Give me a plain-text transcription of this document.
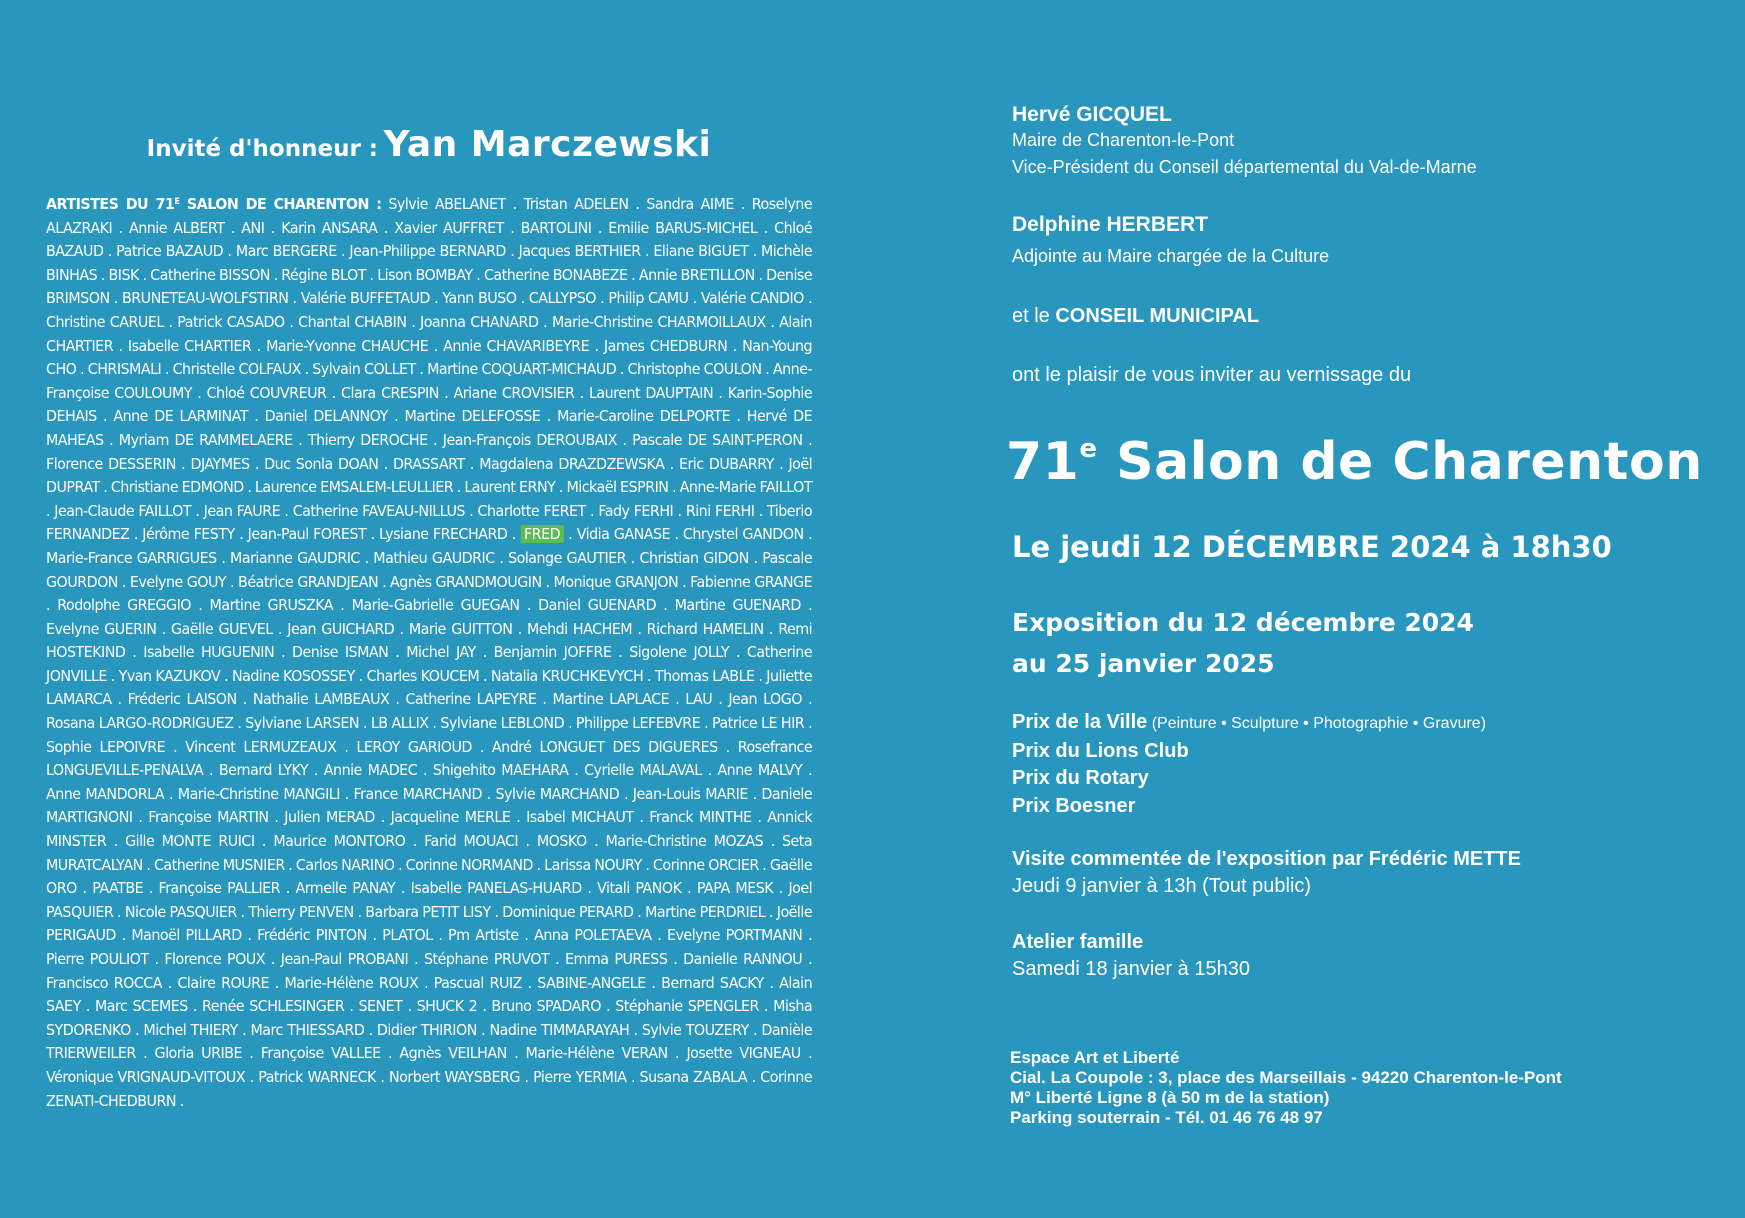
Invité d'honneur : Yan Marczewski
ARTISTES DU $71^E$ SALON DE CHARENTON : Sylvie ABELANET . Tristan ADELEN . Sandra AIME . Roselyne ALAZRAKI . Annie ALBERT . ANI . Karin ANSARA . Xavier AUFFRET . BARTOLINI . Emilie BARUS-MICHEL . Chloé BAZAUD . Patrice BAZAUD . Marc BERGERE . Jean-Philippe BERNARD . Jacques BERTHIER . Eliane BIGUET . Michèle BINHAS . BISK . Catherine BISSON . Régine BLOT . Lison BOMBAY . Catherine BONABEZE . Annie BRETILLON . Denise BRIMSON . BRUNETEAU-WOLFSTIRN . Valérie BUFFETAUD . Yann BUSO . CALLYPSO . Philip CAMU . Valérie CANDIO . Christine CARUEL . Patrick CASADO . Chantal CHABIN . Joanna CHANARD . Marie-Christine CHARMOILLAUX . Alain CHARTIER . Isabelle CHARTIER . Marie-Yvonne CHAUCHE . Annie CHAVARIBEYRE . James CHEDBURN . Nan-Young CHO . CHRISMALI . Christelle COLFAUX . Sylvain COLLET . Martine COQUART-MICHAUD . Christophe COULON . Anne-Françoise COULOUMY . Chloé COUVREUR . Clara CRESPIN . Ariane CROVISIER . Laurent DAUPTAIN . Karin-Sophie DEHAIS . Anne DE LARMINAT . Daniel DELANNOY . Martine DELEFOSSE . Marie-Caroline DELPORTE . Hervé DE MAHEAS . Myriam DE RAMMELAERE . Thierry DEROCHE . Jean-François DEROUBAIX . Pascale DE SAINT-PERON . Florence DESSERIN . DJAYMES . Duc Sonla DOAN . DRASSART . Magdalena DRAZDZEWSKA . Eric DUBARRY . Joël DUPRAT . Christiane EDMOND . Laurence EMSALEM-LEULLIER . Laurent ERNY . Mickaël ESPRIN . Anne-Marie FAILLOT . Jean-Claude FAILLOT . Jean FAURE . Catherine FAVEAU-NILLUS . Charlotte FERET . Fady FERHI . Rini FERHI . Tiberio FERNANDEZ . Jérôme FESTY . Jean-Paul FOREST . Lysiane FRECHARD . FRED . Vidia GANASE . Chrystel GANDON . Marie-France GARRIGUES . Marianne GAUDRIC . Mathieu GAUDRIC . Solange GAUTIER . Christian GIDON . Pascale GOURDON . Evelyne GOUY . Béatrice GRANDJEAN . Agnès GRANDMOUGIN . Monique GRANJON . Fabienne GRANGE . Rodolphe GREGGIO . Martine GRUSZKA . Marie-Gabrielle GUEGAN . Daniel GUENARD . Martine GUENARD . Evelyne GUERIN . Gaëlle GUEVEL . Jean GUICHARD . Marie GUITTON . Mehdi HACHEM . Richard HAMELIN . Remi HOSTEKIND . Isabelle HUGUENIN . Denise ISMAN . Michel JAY . Benjamin JOFFRE . Sigolene JOLLY . Catherine JONVILLE . Yvan KAZUKOV . Nadine KOSOSSEY . Charles KOUCEM . Natalia KRUCHKEVYCH . Thomas LABLE . Juliette LAMARCA . Fréderic LAISON . Nathalie LAMBEAUX . Catherine LAPEYRE . Martine LAPLACE . LAU . Jean LOGO . Rosana LARGO-RODRIGUEZ . Sylviane LARSEN . LB ALLIX . Sylviane LEBLOND . Philippe LEFEBVRE . Patrice LE HIR . Sophie LEPOIVRE . Vincent LERMUZEAUX . LEROY GARIOUD . André LONGUET DES DIGUERES . Rosefrance LONGUEVILLE-PENALVA . Bernard LYKY . Annie MADEC . Shigehito MAEHARA . Cyrielle MALAVAL . Anne MALVY . Anne MANDORLA . Marie-Christine MANGILI . France MARCHAND . Sylvie MARCHAND . Jean-Louis MARIE . Daniele MARTIGNONI . Françoise MARTIN . Julien MERAD . Jacqueline MERLE . Isabel MICHAUT . Franck MINTHE . Annick MINSTER . Gille MONTE RUICI . Maurice MONTORO . Farid MOUACI . MOSKO . Marie-Christine MOZAS . Seta MURATCALYAN . Catherine MUSNIER . Carlos NARINO . Corinne NORMAND . Larissa NOURY . Corinne ORCIER . Gaëlle ORO . PAATBE . Françoise PALLIER . Armelle PANAY . Isabelle PANELAS-HUARD . Vitali PANOK . PAPA MESK . Joel PASQUIER . Nicole PASQUIER . Thierry PENVEN . Barbara PETIT LISY . Dominique PERARD . Martine PERDRIEL . Joëlle PERIGAUD . Manoël PILLARD . Frédéric PINTON . PLATOL . Pm Artiste . Anna POLETAEVA . Evelyne PORTMANN . Pierre POULIOT . Florence POUX . Jean-Paul PROBANI . Stéphane PRUVOT . Emma PURESS . Danielle RANNOU . Francisco ROCCA . Claire ROURE . Marie-Hélène ROUX . Pascual RUIZ . SABINE-ANGELE . Bernard SACKY . Alain SAEY . Marc SCEMES . Renée SCHLESINGER . SENET . SHUCK 2 . Bruno SPADARO . Stéphanie SPENGLER . Misha SYDORENKO . Michel THIERY . Marc THIESSARD . Didier THIRION . Nadine TIMMARAYAH . Sylvie TOUZERY . Danièle TRIERWEILER . Gloria URIBE . Françoise VALLEE . Agnès VEILHAN . Marie-Hélène VERAN . Josette VIGNEAU . Véronique VRIGNAUD-VITOUX . Patrick WARNECK . Norbert WAYSBERG . Pierre YERMIA . Susana ZABALA . Corinne ZENATI-CHEDBURN .
Hervé GICQUEL
Maire de Charenton-le-Pont
Vice-Président du Conseil départemental du Val-de-Marne
Delphine HERBERT
Adjointe au Maire chargée de la Culture
et le CONSEIL MUNICIPAL
ont le plaisir de vous inviter au vernissage du
71e Salon de Charenton
Le jeudi 12 DÉCEMBRE 2024 à 18h30
Exposition du 12 décembre 2024
au 25 janvier 2025
Prix de la Ville (Peinture • Sculpture • Photographie • Gravure)
Prix du Lions Club
Prix du Rotary
Prix Boesner
Visite commentée de l'exposition par Frédéric METTE
Jeudi 9 janvier à 13h (Tout public)
Atelier famille
Samedi 18 janvier à 15h30
Espace Art et Liberté
Cial. La Coupole : 3, place des Marseillais - 94220 Charenton-le-Pont
M° Liberté Ligne 8 (à 50 m de la station)
Parking souterrain - Tél. 01 46 76 48 97
